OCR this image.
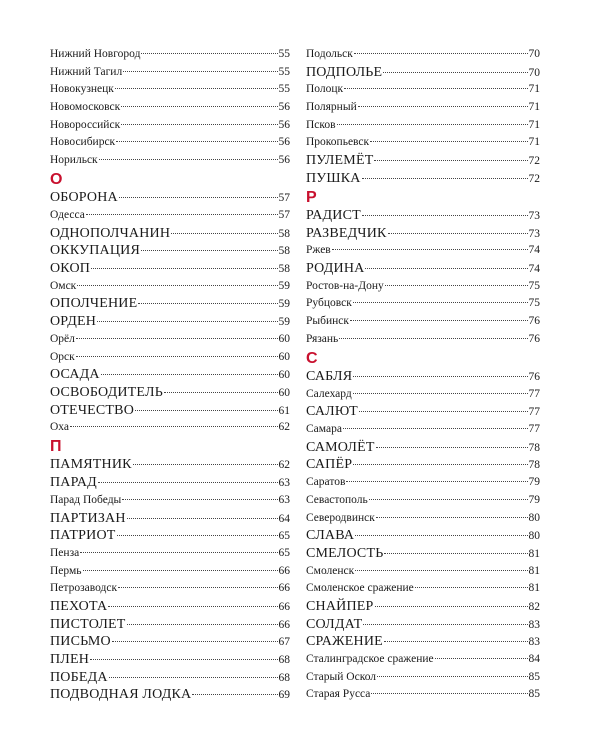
Нижний Новгород	55
Нижний Тагил	55
Новокузнецк	55
Новомосковск	56
Новороссийск	56
Новосибирск	56
Норильск	56
О
ОБОРОНА	57
Одесса	57
ОДНОПОЛЧАНИН	58
ОККУПАЦИЯ	58
ОКОП	58
Омск	59
ОПОЛЧЕНИЕ	59
ОРДЕН	59
Орёл	60
Орск	60
ОСАДА	60
ОСВОБОДИТЕЛЬ	60
ОТЕЧЕСТВО	61
Оха	62
П
ПАМЯТНИК	62
ПАРАД	63
Парад Победы	63
ПАРТИЗАН	64
ПАТРИОТ	65
Пенза	65
Пермь	66
Петрозаводск	66
ПЕХОТА	66
ПИСТОЛЕТ	66
ПИСЬМО	67
ПЛЕН	68
ПОБЕДА	68
ПОДВОДНАЯ ЛОДКА	69
Подольск	70
ПОДПОЛЬЕ	70
Полоцк	71
Полярный	71
Псков	71
Прокопьевск	71
ПУЛЕМЁТ	72
ПУШКА	72
Р
РАДИСТ	73
РАЗВЕДЧИК	73
Ржев	74
РОДИНА	74
Ростов-на-Дону	75
Рубцовск	75
Рыбинск	76
Рязань	76
С
САБЛЯ	76
Салехард	77
САЛЮТ	77
Самара	77
САМОЛЁТ	78
САПЁР	78
Саратов	79
Севастополь	79
Северодвинск	80
СЛАВА	80
СМЕЛОСТЬ	81
Смоленск	81
Смоленское сражение	81
СНАЙПЕР	82
СОЛДАТ	83
СРАЖЕНИЕ	83
Сталинградское сражение	84
Старый Оскол	85
Старая Русса	85
